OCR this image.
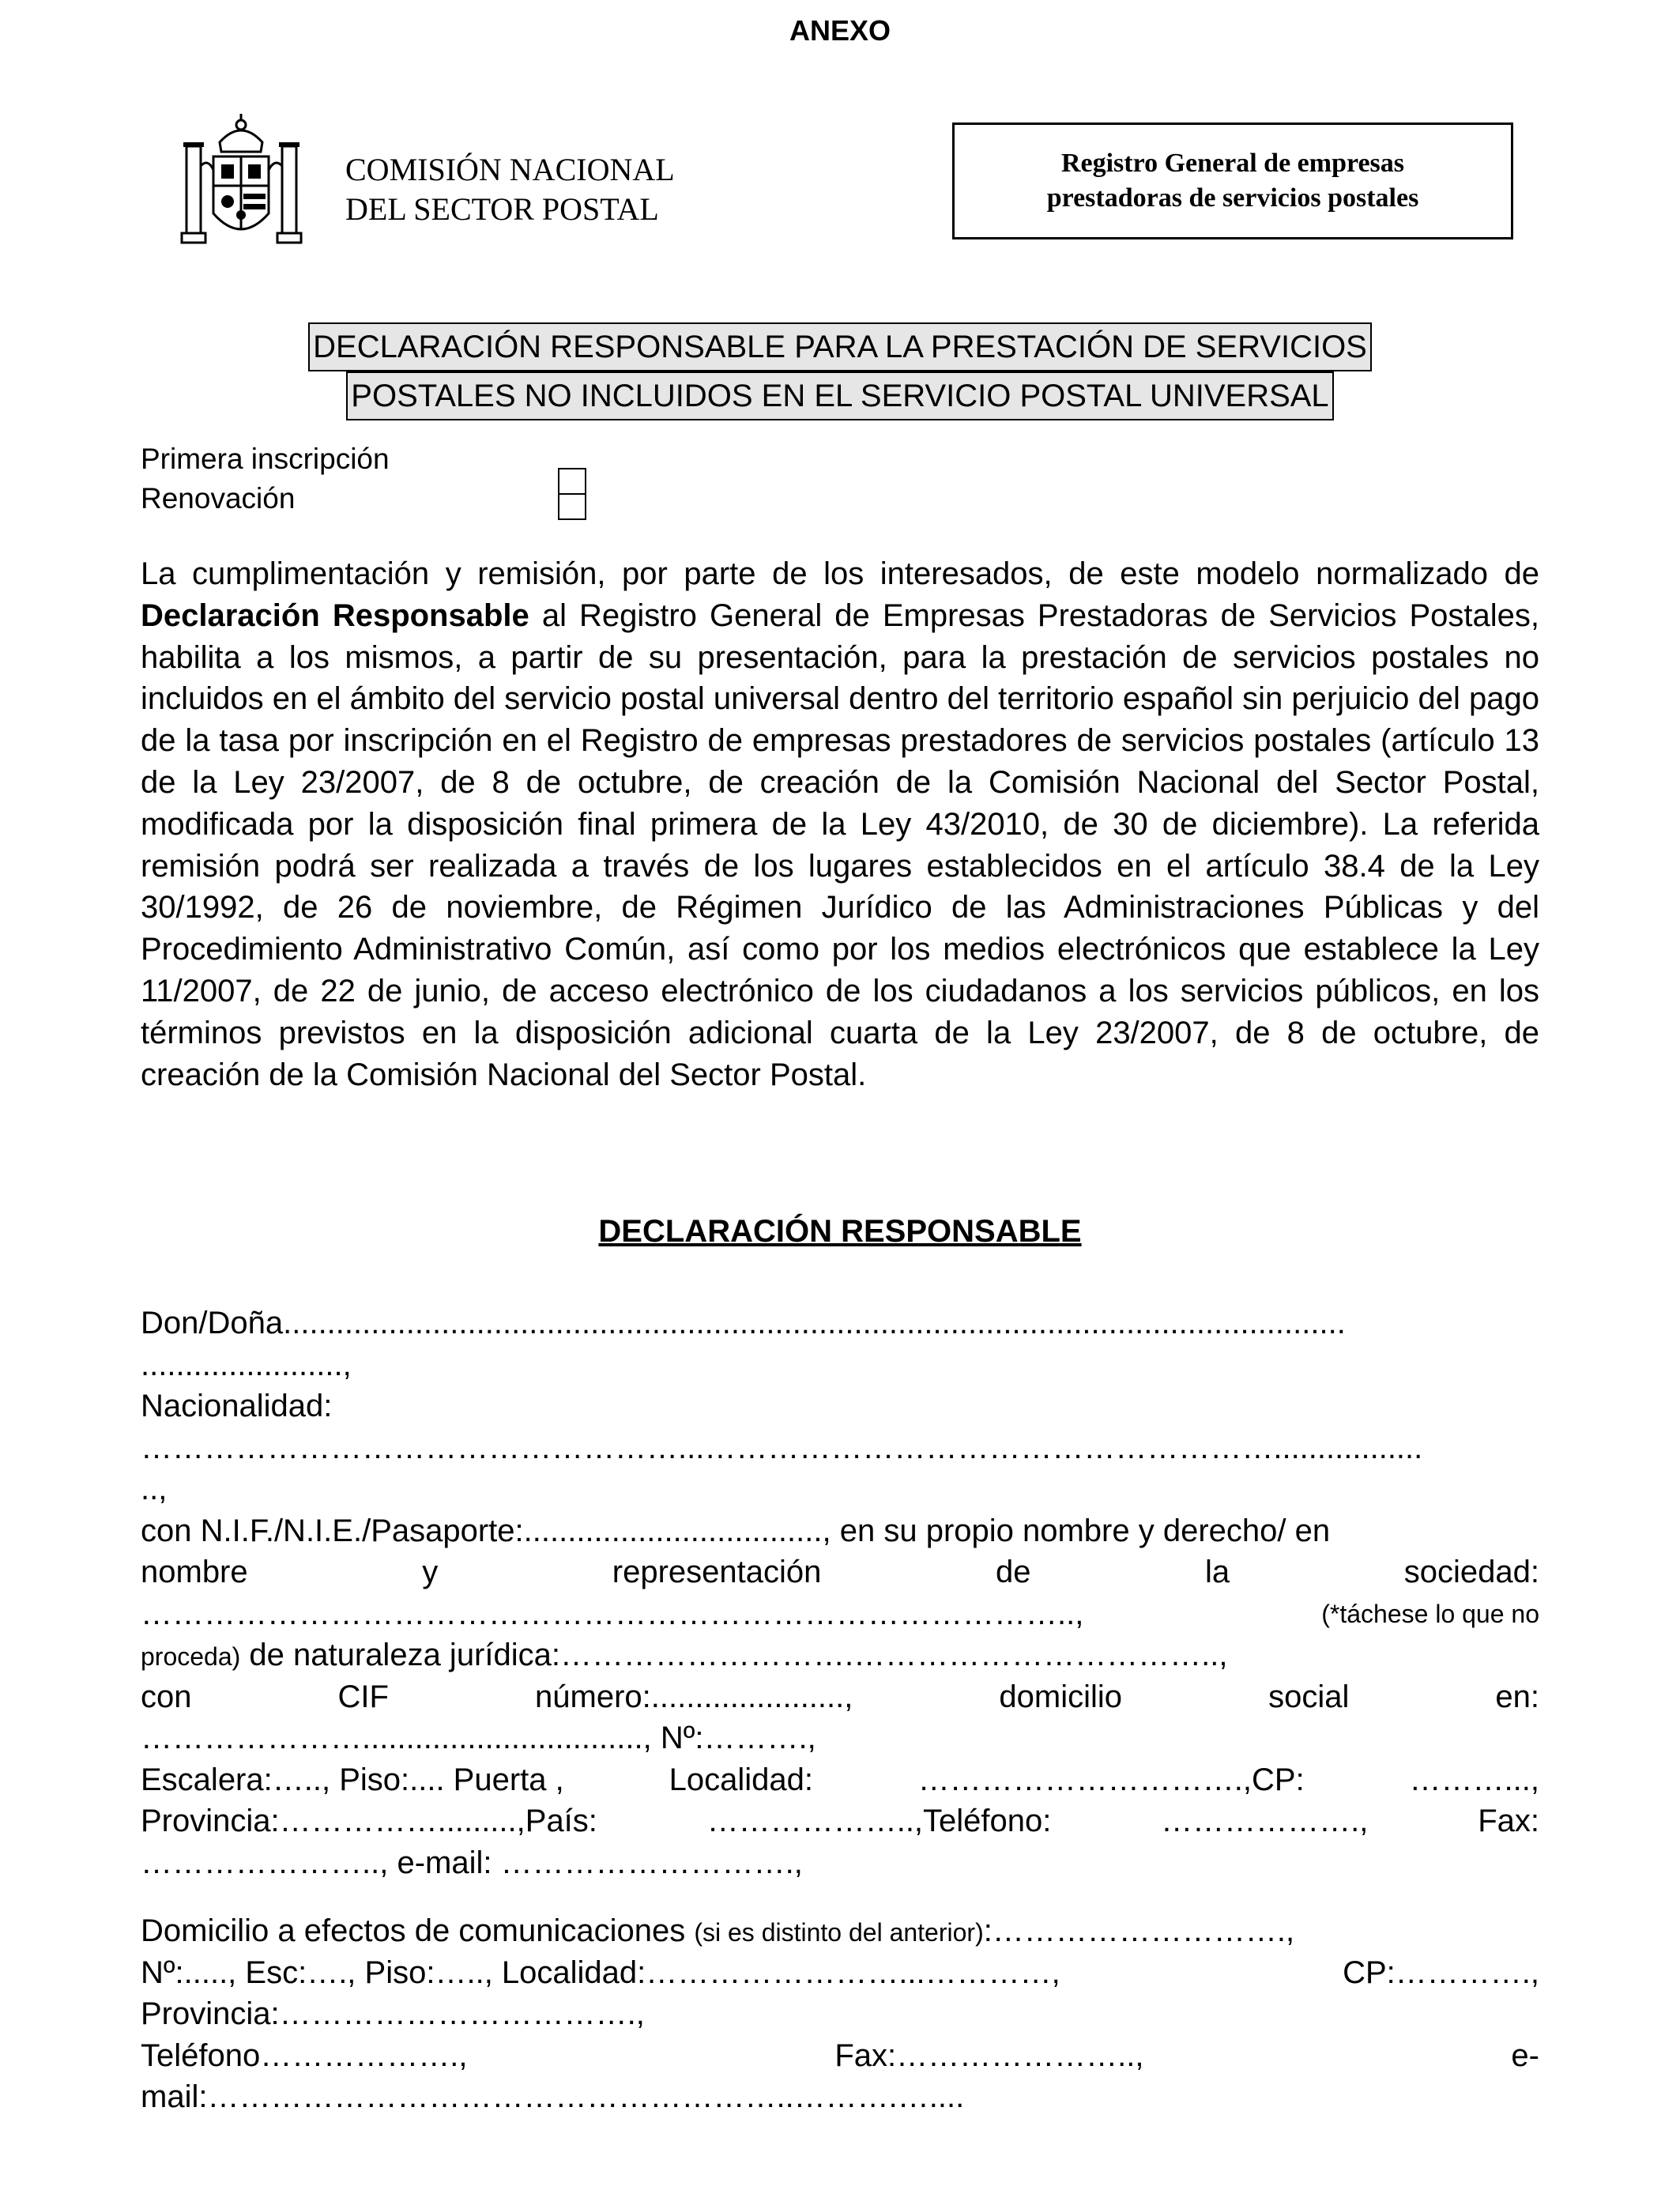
ANEXO
COMISIÓN NACIONAL
DEL SECTOR POSTAL
Registro General de empresas
prestadoras de servicios postales
DECLARACIÓN RESPONSABLE PARA LA PRESTACIÓN DE SERVICIOS
POSTALES NO INCLUIDOS EN EL SERVICIO POSTAL UNIVERSAL
Primera inscripción
Renovación
La cumplimentación y remisión, por parte de los interesados, de este modelo normalizado de Declaración Responsable al Registro General de Empresas Prestadoras de Servicios Postales, habilita a los mismos, a partir de su presentación, para la prestación de servicios postales no incluidos en el ámbito del servicio postal universal dentro del territorio español sin perjuicio del pago de la tasa por inscripción en el Registro de empresas prestadores de servicios postales (artículo 13 de la Ley 23/2007, de 8 de octubre, de creación de la Comisión Nacional del Sector Postal, modificada por la disposición final primera de la Ley 43/2010, de 30 de diciembre). La referida remisión podrá ser realizada a través de los lugares establecidos en el artículo 38.4 de la Ley 30/1992, de 26 de noviembre, de Régimen Jurídico de las Administraciones Públicas y del Procedimiento Administrativo Común, así como por los medios electrónicos que establece la Ley 11/2007, de 22 de junio, de acceso electrónico de los ciudadanos a los servicios públicos, en los términos previstos en la disposición adicional cuarta de la Ley 23/2007, de 8 de octubre, de creación de la Comisión Nacional del Sector Postal.
DECLARACIÓN RESPONSABLE
Don/Doña.........................................................................................................................
.......................,
Nacionalidad:
……………………………………………...……………………………………………….................
..,
con N.I.F./N.I.E./Pasaporte:.................................., en su propio nombre y derecho/ en
nombre	y	representación	de	la	sociedad:
……………………………………………………………………………..,	(*táchese lo que no
proceda) de naturaleza jurídica:……………………….……………………………..,
con	CIF	número:......................,	domicilio	social	en:
…………………................................, Nº:……….,
Escalera:….., Piso:.... Puerta ,	Localidad:	………………………….,CP:	………...,
Provincia:…………….........,País:	………………..,Teléfono:	……………….,	Fax:
………………….., e-mail: ……………………….,
Domicilio a efectos de comunicaciones (si es distinto del anterior):……………………….,
Nº:....., Esc:…., Piso:….., Localidad:……………………...…………,	CP:………….,
Provincia:…………………………….,
Teléfono……………….,	Fax:…………………..,	e-
mail:………………………………………………..……….…....
